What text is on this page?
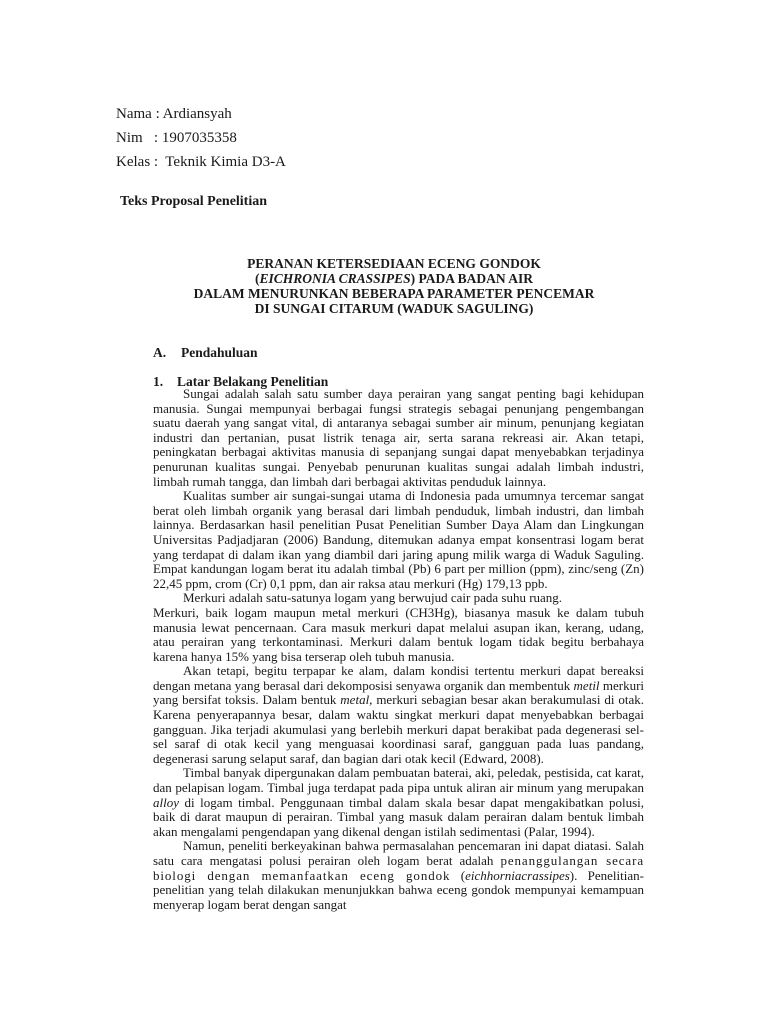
Nama : Ardiansyah
Nim   : 1907035358
Kelas :  Teknik Kimia D3-A
Teks Proposal Penelitian
PERANAN KETERSEDIAAN ECENG GONDOK
(EICHRONIA CRASSIPES) PADA BADAN AIR
DALAM MENURUNKAN BEBERAPA PARAMETER PENCEMAR
DI SUNGAI CITARUM (WADUK SAGULING)
A. Pendahuluan
1. Latar Belakang Penelitian

Sungai adalah salah satu sumber daya perairan yang sangat penting bagi kehidupan manusia. Sungai mempunyai berbagai fungsi strategis sebagai penunjang pengembangan suatu daerah yang sangat vital, di antaranya sebagai sumber air minum, penunjang kegiatan industri dan pertanian, pusat listrik tenaga air, serta sarana rekreasi air. Akan tetapi, peningkatan berbagai aktivitas manusia di sepanjang sungai dapat menyebabkan terjadinya penurunan kualitas sungai. Penyebab penurunan kualitas sungai adalah limbah industri, limbah rumah tangga, dan limbah dari berbagai aktivitas penduduk lainnya.

Kualitas sumber air sungai-sungai utama di Indonesia pada umumnya tercemar sangat berat oleh limbah organik yang berasal dari limbah penduduk, limbah industri, dan limbah lainnya. Berdasarkan hasil penelitian Pusat Penelitian Sumber Daya Alam dan Lingkungan Universitas Padjadjaran (2006) Bandung, ditemukan adanya empat konsentrasi logam berat yang terdapat di dalam ikan yang diambil dari jaring apung milik warga di Waduk Saguling. Empat kandungan logam berat itu adalah timbal (Pb) 6 part per million (ppm), zinc/seng (Zn) 22,45 ppm, crom (Cr) 0,1 ppm, dan air raksa atau merkuri (Hg) 179,13 ppb.

Merkuri adalah satu-satunya logam yang berwujud cair pada suhu ruang.

Merkuri, baik logam maupun metal merkuri (CH3Hg), biasanya masuk ke dalam tubuh manusia lewat pencernaan. Cara masuk merkuri dapat melalui asupan ikan, kerang, udang, atau perairan yang terkontaminasi. Merkuri dalam bentuk logam tidak begitu berbahaya karena hanya 15% yang bisa terserap oleh tubuh manusia.

Akan tetapi, begitu terpapar ke alam, dalam kondisi tertentu merkuri dapat bereaksi dengan metana yang berasal dari dekomposisi senyawa organik dan membentuk metil merkuri yang bersifat toksis. Dalam bentuk metal, merkuri sebagian besar akan berakumulasi di otak. Karena penyerapannya besar, dalam waktu singkat merkuri dapat menyebabkan berbagai gangguan. Jika terjadi akumulasi yang berlebih merkuri dapat berakibat pada degenerasi sel-sel saraf di otak kecil yang menguasai koordinasi saraf, gangguan pada luas pandang, degenerasi sarung selaput saraf, dan bagian dari otak kecil (Edward, 2008).

Timbal banyak dipergunakan dalam pembuatan baterai, aki, peledak, pestisida, cat karat, dan pelapisan logam. Timbal juga terdapat pada pipa untuk aliran air minum yang merupakan alloy di logam timbal. Penggunaan timbal dalam skala besar dapat mengakibatkan polusi, baik di darat maupun di perairan. Timbal yang masuk dalam perairan dalam bentuk limbah akan mengalami pengendapan yang dikenal dengan istilah sedimentasi (Palar, 1994).

Namun, peneliti berkeyakinan bahwa permasalahan pencemaran ini dapat diatasi. Salah satu cara mengatasi polusi perairan oleh logam berat adalah penanggulangan secara biologi dengan memanfaatkan eceng gondok (eichhorniacrassipes). Penelitian-penelitian yang telah dilakukan menunjukkan bahwa eceng gondok mempunyai kemampuan menyerap logam berat dengan sangat
